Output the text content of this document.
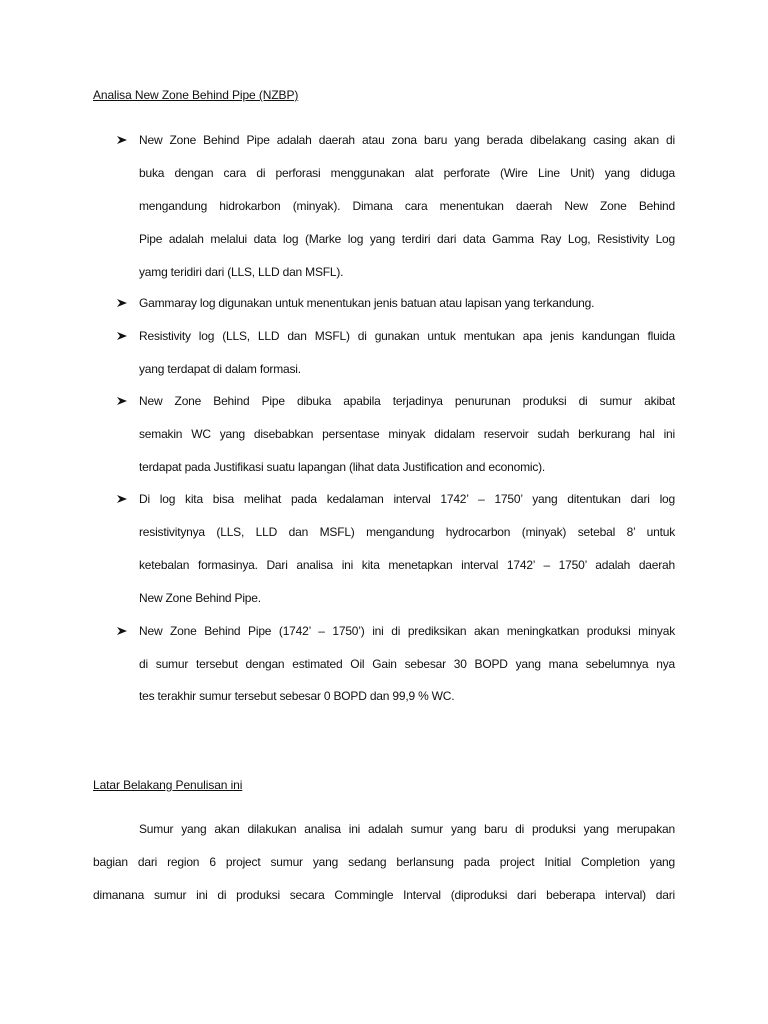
Analisa New Zone Behind Pipe (NZBP)
New Zone Behind Pipe adalah daerah atau zona baru yang berada dibelakang casing akan di
buka dengan cara di perforasi menggunakan alat perforate (Wire Line Unit) yang diduga
mengandung hidrokarbon (minyak). Dimana cara menentukan daerah New Zone Behind
Pipe adalah melalui data log (Marke log yang terdiri dari data Gamma Ray Log, Resistivity Log
yamg teridiri dari (LLS, LLD dan MSFL).
Gammaray log digunakan untuk menentukan jenis batuan atau lapisan yang terkandung.
Resistivity log (LLS, LLD dan MSFL) di gunakan untuk mentukan apa jenis kandungan fluida
yang terdapat di dalam formasi.
New Zone Behind Pipe dibuka apabila terjadinya penurunan produksi di sumur akibat
semakin WC yang disebabkan persentase minyak didalam reservoir sudah berkurang hal ini
terdapat pada Justifikasi suatu lapangan (lihat data Justification and economic).
Di log kita bisa melihat pada kedalaman interval 1742’ – 1750’ yang ditentukan dari log
resistivitynya (LLS, LLD dan MSFL) mengandung hydrocarbon (minyak) setebal 8’ untuk
ketebalan formasinya. Dari analisa ini kita menetapkan interval 1742’ – 1750’ adalah daerah
New Zone Behind Pipe.
New Zone Behind Pipe (1742’ – 1750’) ini di prediksikan akan meningkatkan produksi minyak
di sumur tersebut dengan estimated Oil Gain sebesar 30 BOPD yang mana sebelumnya nya
tes terakhir sumur tersebut sebesar 0 BOPD dan 99,9 % WC.
Latar Belakang Penulisan ini
Sumur yang akan dilakukan analisa ini adalah sumur yang baru di produksi yang merupakan
bagian dari region 6 project sumur yang sedang berlansung pada project Initial Completion yang
dimanana sumur ini di produksi secara Commingle Interval (diproduksi dari beberapa interval) dari
